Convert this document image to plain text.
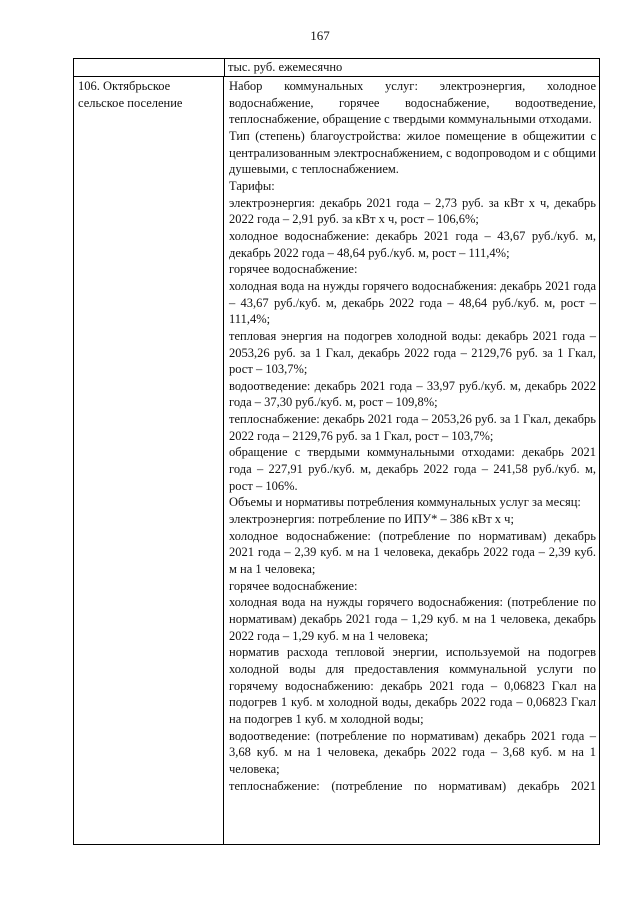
167
тыс. руб. ежемесячно
106. Октябрьское сельское поселение

Набор коммунальных услуг: электроэнергия, холодное водоснабжение, горячее водоснабжение, водоотведение, теплоснабжение, обращение с твердыми коммунальными отходами.

Тип (степень) благоустройства: жилое помещение в общежитии с централизованным электроснабжением, с водопроводом и с общими душевыми, с теплоснабжением.

Тарифы:

электроэнергия: декабрь 2021 года – 2,73 руб. за кВт х ч, декабрь 2022 года – 2,91 руб. за кВт х ч, рост – 106,6%;

холодное водоснабжение: декабрь 2021 года – 43,67 руб./куб. м, декабрь 2022 года – 48,64 руб./куб. м, рост – 111,4%;

горячее водоснабжение:

холодная вода на нужды горячего водоснабжения: декабрь 2021 года – 43,67 руб./куб. м, декабрь 2022 года – 48,64 руб./куб. м, рост – 111,4%;

тепловая энергия на подогрев холодной воды: декабрь 2021 года – 2053,26 руб. за 1 Гкал, декабрь 2022 года – 2129,76 руб. за 1 Гкал, рост – 103,7%;

водоотведение: декабрь 2021 года – 33,97 руб./куб. м, декабрь 2022 года – 37,30 руб./куб. м, рост – 109,8%;

теплоснабжение: декабрь 2021 года – 2053,26 руб. за 1 Гкал, декабрь 2022 года – 2129,76 руб. за 1 Гкал, рост – 103,7%;

обращение с твердыми коммунальными отходами: декабрь 2021 года – 227,91 руб./куб. м, декабрь 2022 года – 241,58 руб./куб. м, рост – 106%.

Объемы и нормативы потребления коммунальных услуг за месяц:

электроэнергия: потребление по ИПУ* – 386 кВт х ч;

холодное водоснабжение: (потребление по нормативам) декабрь 2021 года – 2,39 куб. м на 1 человека, декабрь 2022 года – 2,39 куб. м на 1 человека;

горячее водоснабжение:

холодная вода на нужды горячего водоснабжения: (потребление по нормативам) декабрь 2021 года – 1,29 куб. м на 1 человека, декабрь 2022 года – 1,29 куб. м на 1 человека;

норматив расхода тепловой энергии, используемой на подогрев холодной воды для предоставления коммунальной услуги по горячему водоснабжению: декабрь 2021 года – 0,06823 Гкал на подогрев 1 куб. м холодной воды, декабрь 2022 года – 0,06823 Гкал на подогрев 1 куб. м холодной воды;

водоотведение: (потребление по нормативам) декабрь 2021 года – 3,68 куб. м на 1 человека, декабрь 2022 года – 3,68 куб. м на 1 человека;

теплоснабжение: (потребление по нормативам) декабрь 2021
